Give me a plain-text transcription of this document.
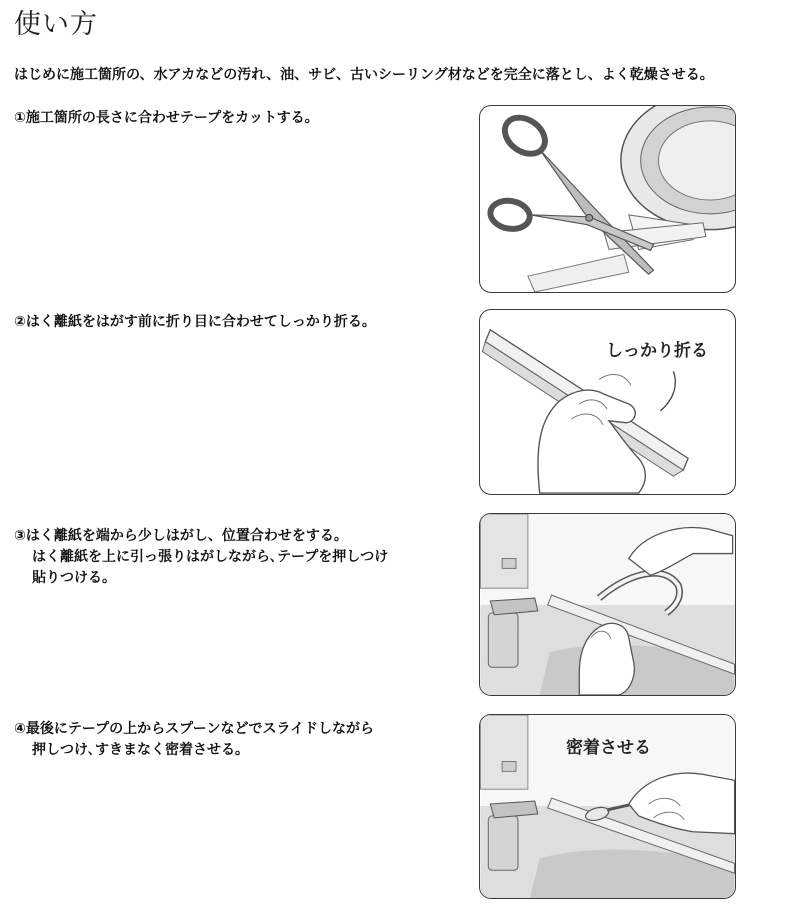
使い方
はじめに施工箇所の、水アカなどの汚れ、油、サビ、古いシーリング材などを完全に落とし、よく乾燥させる。
①施工箇所の長さに合わせテープをカットする。
②はく離紙をはがす前に折り目に合わせてしっかり折る。
しっかり折る
③はく離紙を端から少しはがし、位置合わせをする。
はく離紙を上に引っ張りはがしながら､テープを押しつけ
貼りつける。
④最後にテープの上からスプーンなどでスライドしながら
押しつけ､すきまなく密着させる。	密着させる
